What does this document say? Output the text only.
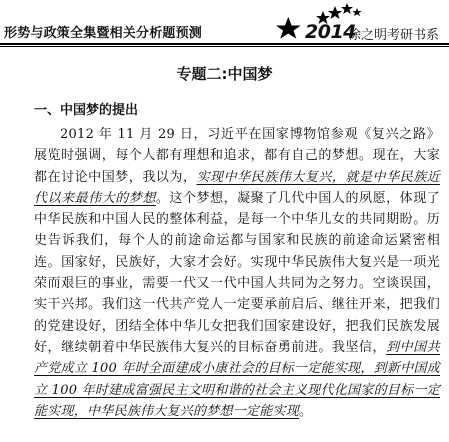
形势与政策全集暨相关分析题预测	2014
徐之明考研书系
专题二:中国梦
一、中国梦的提出

2012 年 11 月 29 日，习近平在国家博物馆参观《复兴之路》展览时强调，每个人都有理想和追求，都有自己的梦想。现在，大家都在讨论中国梦，我以为，实现中华民族伟大复兴，就是中华民族近代以来最伟大的梦想。这个梦想，凝聚了几代中国人的夙愿，体现了中华民族和中国人民的整体利益，是每一个中华儿女的共同期盼。历史告诉我们，每个人的前途命运都与国家和民族的前途命运紧密相连。国家好，民族好，大家才会好。实现中华民族伟大复兴是一项光荣而艰巨的事业，需要一代又一代中国人共同为之努力。空谈误国，实干兴邦。我们这一代共产党人一定要承前启后、继往开来，把我们的党建设好，团结全体中华儿女把我们国家建设好，把我们民族发展好，继续朝着中华民族伟大复兴的目标奋勇前进。我坚信，到中国共产党成立 100 年时全面建成小康社会的目标一定能实现，到新中国成立 100 年时建成富强民主文明和谐的社会主义现代化国家的目标一定能实现，中华民族伟大复兴的梦想一定能实现。
